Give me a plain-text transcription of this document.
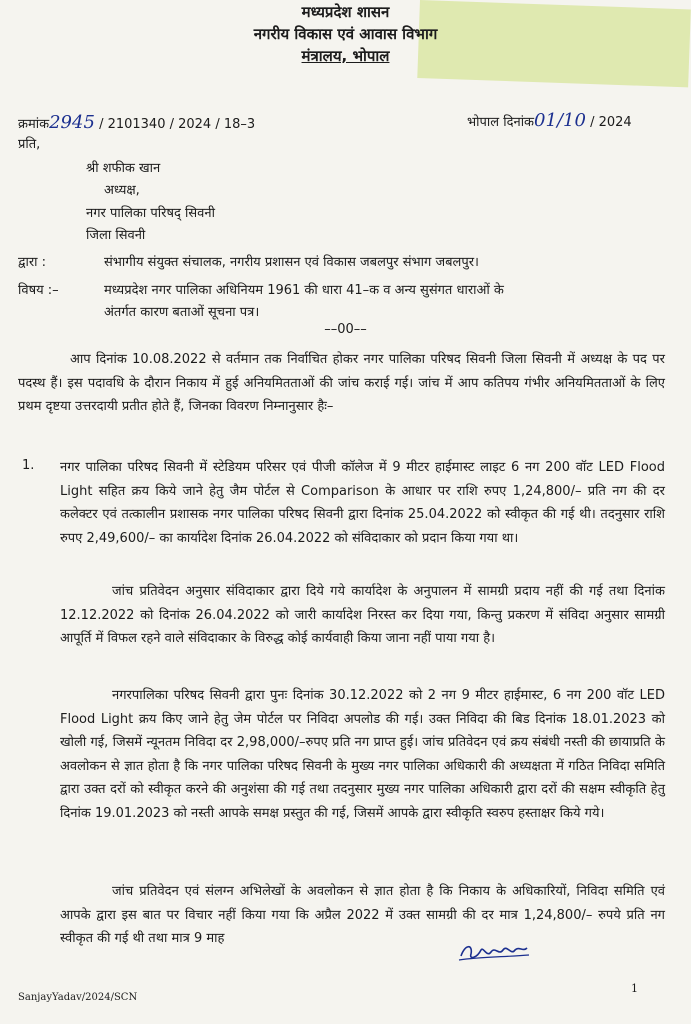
मध्यप्रदेश शासन
नगरीय विकास एवं आवास विभाग
मंत्रालय, भोपाल
क्रमांक2945 / 2101340 / 2024 / 18–3	भोपाल दिनांक01/10 / 2024
प्रति,
श्री शफीक खान
अध्यक्ष,
नगर पालिका परिषद् सिवनी
जिला सिवनी
द्वारा :	संभागीय संयुक्त संचालक, नगरीय प्रशासन एवं विकास जबलपुर संभाग जबलपुर।
विषय :–	मध्यप्रदेश नगर पालिका अधिनियम 1961 की धारा 41–क व अन्य सुसंगत धाराओं के
अंतर्गत कारण बताओं सूचना पत्र।
––00––
आप दिनांक 10.08.2022 से वर्तमान तक निर्वाचित होकर नगर पालिका परिषद सिवनी जिला सिवनी में अध्यक्ष के पद पर पदस्थ हैं। इस पदावधि के दौरान निकाय में हुई अनियमितताओं की जांच कराई गई। जांच में आप कतिपय गंभीर अनियमितताओं के लिए प्रथम दृष्टया उत्तरदायी प्रतीत होते हैं, जिनका विवरण निम्नानुसार हैः–
1. नगर पालिका परिषद सिवनी में स्टेडियम परिसर एवं पीजी कॉलेज में 9 मीटर हाईमास्ट लाइट 6 नग 200 वॉट LED Flood Light सहित क्रय किये जाने हेतु जैम पोर्टल से Comparison के आधार पर राशि रुपए 1,24,800/– प्रति नग की दर कलेक्टर एवं तत्कालीन प्रशासक नगर पालिका परिषद सिवनी द्वारा दिनांक 25.04.2022 को स्वीकृत की गई थी। तदनुसार राशि रुपए 2,49,600/– का कार्यादेश दिनांक 26.04.2022 को संविदाकार को प्रदान किया गया था।
जांच प्रतिवेदन अनुसार संविदाकार द्वारा दिये गये कार्यादेश के अनुपालन में सामग्री प्रदाय नहीं की गई तथा दिनांक 12.12.2022 को दिनांक 26.04.2022 को जारी कार्यादेश निरस्त कर दिया गया, किन्तु प्रकरण में संविदा अनुसार सामग्री आपूर्ति में विफल रहने वाले संविदाकार के विरुद्ध कोई कार्यवाही किया जाना नहीं पाया गया है।
नगरपालिका परिषद सिवनी द्वारा पुनः दिनांक 30.12.2022 को 2 नग 9 मीटर हाईमास्ट, 6 नग 200 वॉट LED Flood Light क्रय किए जाने हेतु जेम पोर्टल पर निविदा अपलोड की गई। उक्त निविदा की बिड दिनांक 18.01.2023 को खोली गई, जिसमें न्यूनतम निविदा दर 2,98,000/–रुपए प्रति नग प्राप्त हुई। जांच प्रतिवेदन एवं क्रय संबंधी नस्ती की छायाप्रति के अवलोकन से ज्ञात होता है कि नगर पालिका परिषद सिवनी के मुख्य नगर पालिका अधिकारी की अध्यक्षता में गठित निविदा समिति द्वारा उक्त दरों को स्वीकृत करने की अनुशंसा की गई तथा तदनुसार मुख्य नगर पालिका अधिकारी द्वारा दरों की सक्षम स्वीकृति हेतु दिनांक 19.01.2023 को नस्ती आपके समक्ष प्रस्तुत की गई, जिसमें आपके द्वारा स्वीकृति स्वरुप हस्ताक्षर किये गये।
जांच प्रतिवेदन एवं संलग्न अभिलेखों के अवलोकन से ज्ञात होता है कि निकाय के अधिकारियों, निविदा समिति एवं आपके द्वारा इस बात पर विचार नहीं किया गया कि अप्रैल 2022 में उक्त सामग्री की दर मात्र 1,24,800/– रुपये प्रति नग स्वीकृत की गई थी तथा मात्र 9 माह
SanjayYadav/2024/SCN
1
